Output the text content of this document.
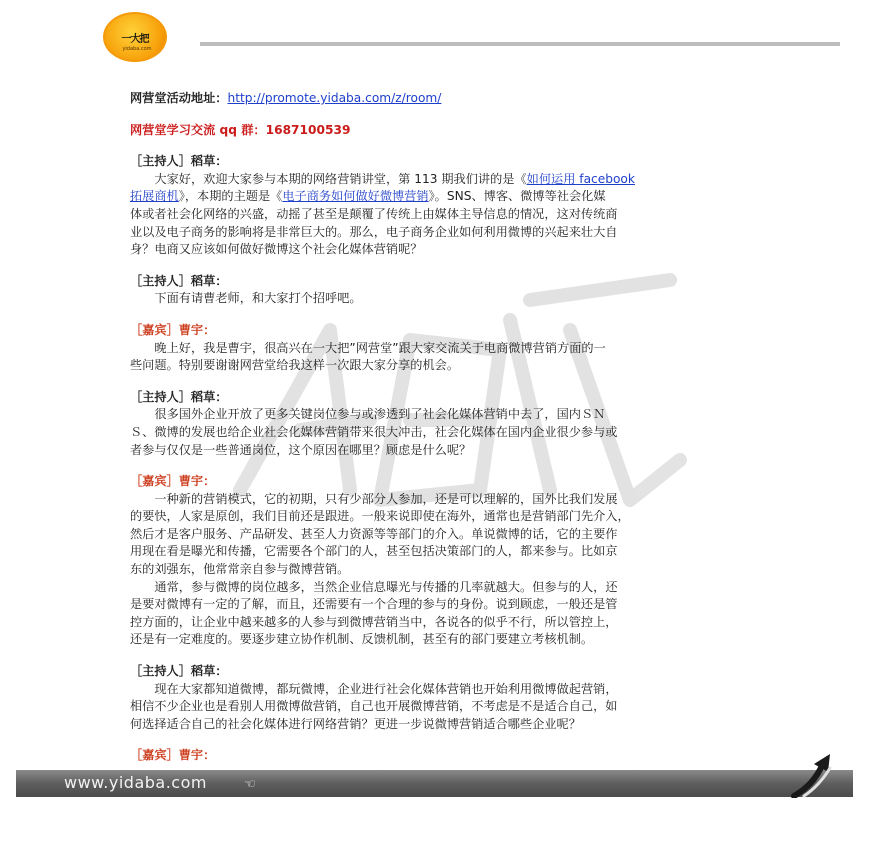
一大把
yidaba.com
网营堂活动地址：http://promote.yidaba.com/z/room/
网营堂学习交流 qq 群：1687100539
［主持人］稻草：
大家好，欢迎大家参与本期的网络营销讲堂，第 113 期我们讲的是《如何运用 facebook
拓展商机》，本期的主题是《电子商务如何做好微博营销》。SNS、博客、微博等社会化媒
体或者社会化网络的兴盛，动摇了甚至是颠覆了传统上由媒体主导信息的情况，这对传统商
业以及电子商务的影响将是非常巨大的。那么，电子商务企业如何利用微博的兴起来壮大自
身？电商又应该如何做好微博这个社会化媒体营销呢？
［主持人］稻草：
下面有请曹老师，和大家打个招呼吧。
［嘉宾］曹宇：
晚上好，我是曹宇，很高兴在一大把”网营堂”跟大家交流关于电商微博营销方面的一
些问题。特别要谢谢网营堂给我这样一次跟大家分享的机会。
［主持人］稻草：
很多国外企业开放了更多关键岗位参与或渗透到了社会化媒体营销中去了，国内ＳＮ
Ｓ、微博的发展也给企业社会化媒体营销带来很大冲击，社会化媒体在国内企业很少参与或
者参与仅仅是一些普通岗位，这个原因在哪里？顾虑是什么呢？
［嘉宾］曹宇：
一种新的营销模式，它的初期，只有少部分人参加，还是可以理解的，国外比我们发展
的要快，人家是原创，我们目前还是跟进。一般来说即使在海外，通常也是营销部门先介入，
然后才是客户服务、产品研发、甚至人力资源等等部门的介入。单说微博的话，它的主要作
用现在看是曝光和传播，它需要各个部门的人，甚至包括决策部门的人，都来参与。比如京
东的刘强东，他常常亲自参与微博营销。
通常，参与微博的岗位越多，当然企业信息曝光与传播的几率就越大。但参与的人，还
是要对微博有一定的了解，而且，还需要有一个合理的参与的身份。说到顾虑，一般还是管
控方面的，让企业中越来越多的人参与到微博营销当中，各说各的似乎不行，所以管控上，
还是有一定难度的。要逐步建立协作机制、反馈机制，甚至有的部门要建立考核机制。
［主持人］稻草：
现在大家都知道微博，都玩微博，企业进行社会化媒体营销也开始利用微博做起营销，
相信不少企业也是看别人用微博做营销，自己也开展微博营销，不考虑是不是适合自己，如
何选择适合自己的社会化媒体进行网络营销？更进一步说微博营销适合哪些企业呢？
［嘉宾］曹宇：
www.yidaba.com	☜
